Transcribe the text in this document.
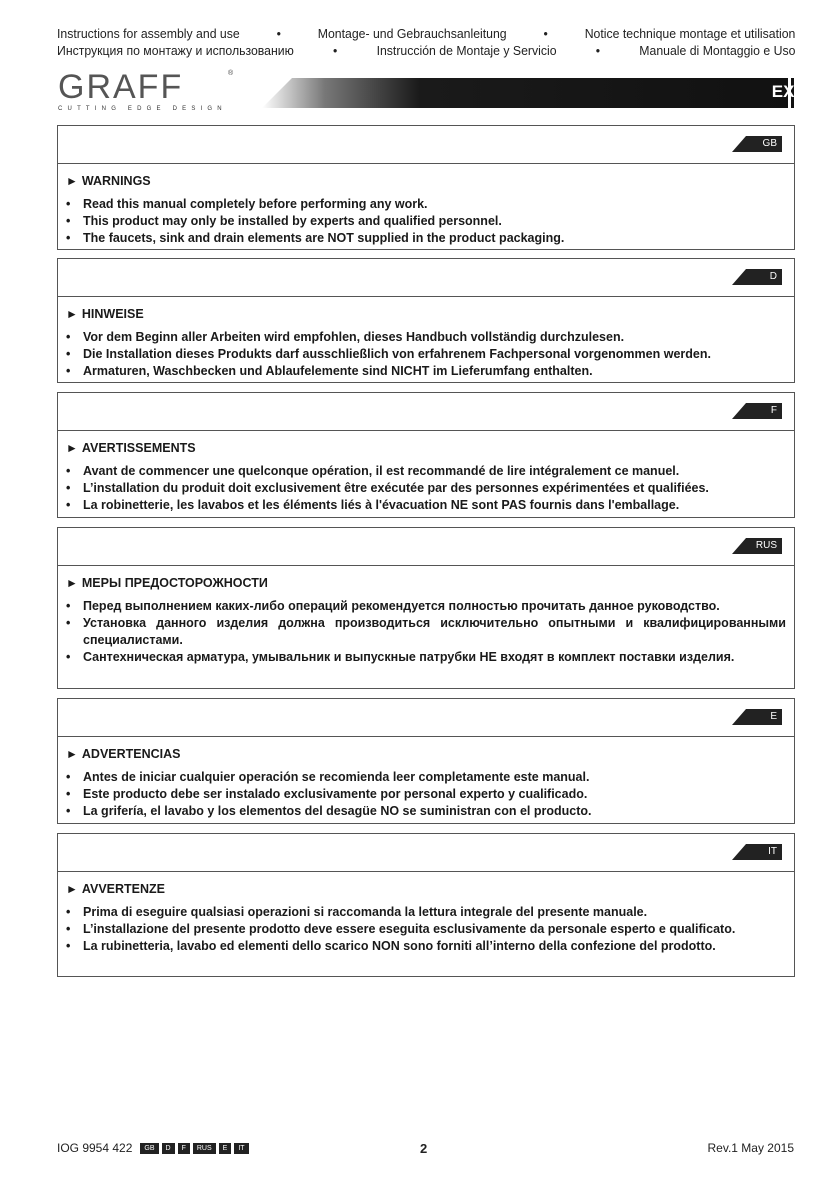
Instructions for assembly and use	•	Montage- und Gebrauchsanleitung	•	Notice technique montage et utilisation
Инструкция по монтажу и использованию	•	Instrucción de Montaje y Servicio	•	Manuale di Montaggio e Uso
GRAFF	®
CUTTING EDGE DESIGN
EXPO
GB
► WARNINGS
• Read this manual completely before performing any work.
• This product may only be installed by experts and qualified personnel.
• The faucets, sink and drain elements are NOT supplied in the product packaging.
D
► HINWEISE
• Vor dem Beginn aller Arbeiten wird empfohlen, dieses Handbuch vollständig durchzulesen.
• Die Installation dieses Produkts darf ausschließlich von erfahrenem Fachpersonal vorgenommen werden.
• Armaturen, Waschbecken und Ablaufelemente sind NICHT im Lieferumfang enthalten.
F
► AVERTISSEMENTS
• Avant de commencer une quelconque opération, il est recommandé de lire intégralement ce manuel.
• L’installation du produit doit exclusivement être exécutée par des personnes expérimentées et qualifiées.
• La robinetterie, les lavabos et les éléments liés à l'évacuation NE sont PAS fournis dans l'emballage.
RUS
► МЕРЫ ПРЕДОСТОРОЖНОСТИ
• Перед выполнением каких-либо операций рекомендуется полностью прочитать данное руководство.
• Установка данного изделия должна производиться исключительно опытными и квалифицированными специалистами.
• Сантехническая арматура, умывальник и выпускные патрубки НЕ входят в комплект поставки изделия.
E
► ADVERTENCIAS
• Antes de iniciar cualquier operación se recomienda leer completamente este manual.
• Este producto debe ser instalado exclusivamente por personal experto y cualificado.
• La grifería, el lavabo y los elementos del desagüe NO se suministran con el producto.
IT
► AVVERTENZE
• Prima di eseguire qualsiasi operazioni si raccomanda la lettura integrale del presente manuale.
• L’installazione del presente prodotto deve essere eseguita esclusivamente da personale esperto e qualificato.
• La rubinetteria, lavabo ed elementi dello scarico NON sono forniti all’interno della confezione del prodotto.
IOG 9954 422	GB	D	F	RUS	E	IT	2	Rev.1 May 2015
